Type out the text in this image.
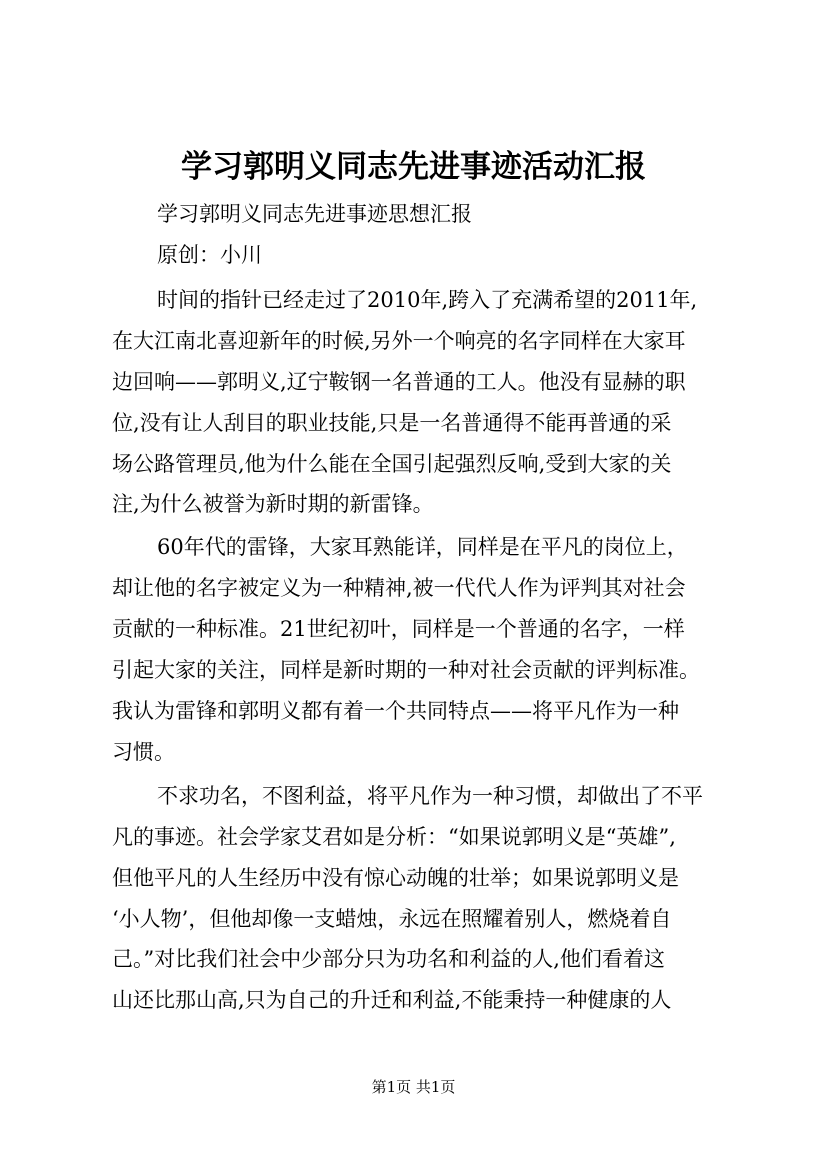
学习郭明义同志先进事迹活动汇报
学习郭明义同志先进事迹思想汇报
原创：小川
时间的指针已经走过了2010年,跨入了充满希望的2011年,
在大江南北喜迎新年的时候,另外一个响亮的名字同样在大家耳
边回响——郭明义,辽宁鞍钢一名普通的工人。他没有显赫的职
位,没有让人刮目的职业技能,只是一名普通得不能再普通的采
场公路管理员,他为什么能在全国引起强烈反响,受到大家的关
注,为什么被誉为新时期的新雷锋。
60年代的雷锋，大家耳熟能详，同样是在平凡的岗位上，
却让他的名字被定义为一种精神,被一代代人作为评判其对社会
贡献的一种标准。21世纪初叶，同样是一个普通的名字，一样
引起大家的关注，同样是新时期的一种对社会贡献的评判标准。
我认为雷锋和郭明义都有着一个共同特点——将平凡作为一种
习惯。
不求功名，不图利益，将平凡作为一种习惯，却做出了不平
凡的事迹。社会学家艾君如是分析：“如果说郭明义是“英雄”,
但他平凡的人生经历中没有惊心动魄的壮举；如果说郭明义是
‘小人物’，但他却像一支蜡烛，永远在照耀着别人，燃烧着自
己。”对比我们社会中少部分只为功名和利益的人,他们看着这
山还比那山高,只为自己的升迁和利益,不能秉持一种健康的人
第1页 共1页
